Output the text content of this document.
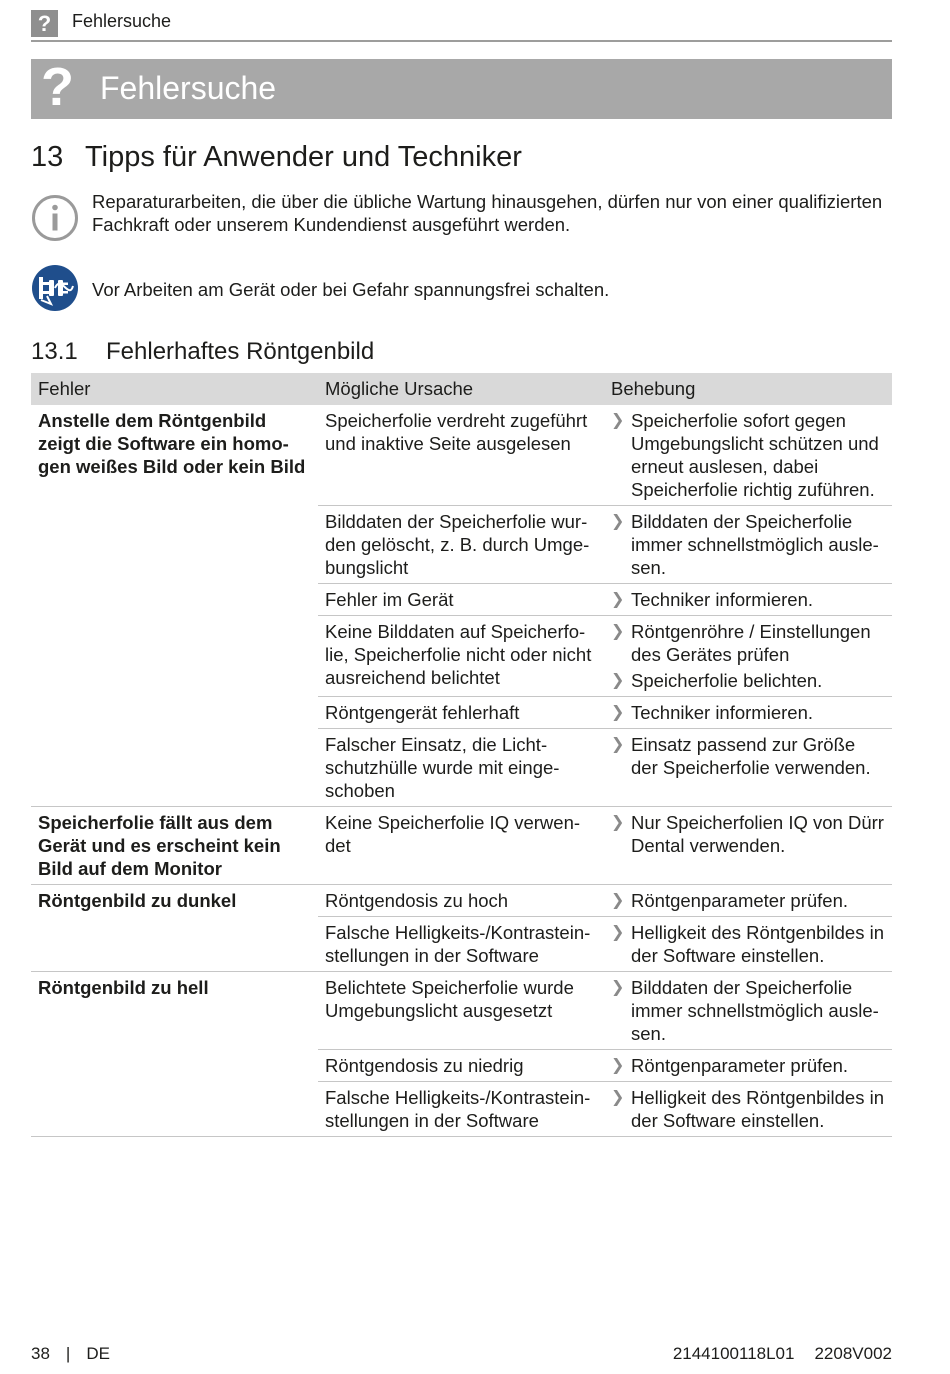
?	Fehlersuche
? Fehlersuche
13 Tipps für Anwender und Techniker
Reparaturarbeiten, die über die übliche Wartung hinausgehen, dürfen nur von einer qualifizierten Fachkraft oder unserem Kundendienst ausgeführt werden.
Vor Arbeiten am Gerät oder bei Gefahr spannungsfrei schalten.
13.1 Fehlerhaftes Röntgenbild
Fehler	Mögliche Ursache	Behebung
Anstelle dem Röntgenbild zeigt die Software ein homogen weißes Bild oder kein Bild	Speicherfolie verdreht zugeführt und inaktive Seite ausgelesen	❯ Speicherfolie sofort gegen Umgebungslicht schützen und erneut auslesen, dabei Speicherfolie richtig zuführen.

	Bilddaten der Speicherfolie wurden gelöscht, z. B. durch Umgebungslicht	❯ Bilddaten der Speicherfolie immer schnellstmöglich auslesen.

	Fehler im Gerät	❯ Techniker informieren.

	Keine Bilddaten auf Speicherfolie, Speicherfolie nicht oder nicht ausreichend belichtet	❯ Röntgenröhre / Einstellungen des Gerätes prüfen
❯ Speicherfolie belichten.

	Röntgengerät fehlerhaft	❯ Techniker informieren.

	Falscher Einsatz, die Lichtschutzhülle wurde mit eingeschoben	❯ Einsatz passend zur Größe der Speicherfolie verwenden.

Speicherfolie fällt aus dem Gerät und es erscheint kein Bild auf dem Monitor	Keine Speicherfolie IQ verwendet	❯ Nur Speicherfolien IQ von Dürr Dental verwenden.

Röntgenbild zu dunkel	Röntgendosis zu hoch	❯ Röntgenparameter prüfen.

	Falsche Helligkeits-/Kontrasteinstellungen in der Software	❯ Helligkeit des Röntgenbildes in der Software einstellen.

Röntgenbild zu hell	Belichtete Speicherfolie wurde Umgebungslicht ausgesetzt	❯ Bilddaten der Speicherfolie immer schnellstmöglich auslesen.

	Röntgendosis zu niedrig	❯ Röntgenparameter prüfen.

	Falsche Helligkeits-/Kontrasteinstellungen in der Software	❯ Helligkeit des Röntgenbildes in der Software einstellen.
38 | DE	2144100118L01 2208V002
